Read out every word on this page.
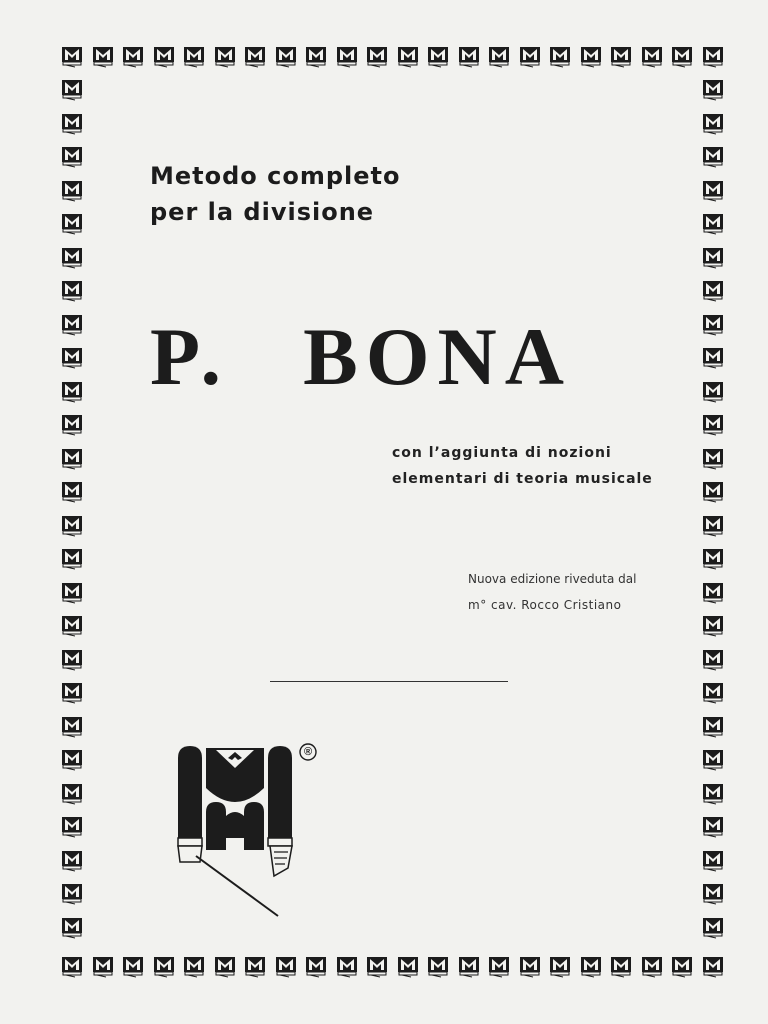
Metodo completo
per la divisione
P. BONA
con l’aggiunta di nozioni
elementari di teoria musicale
Nuova edizione riveduta dal
m° cav. Rocco Cristiano
®
